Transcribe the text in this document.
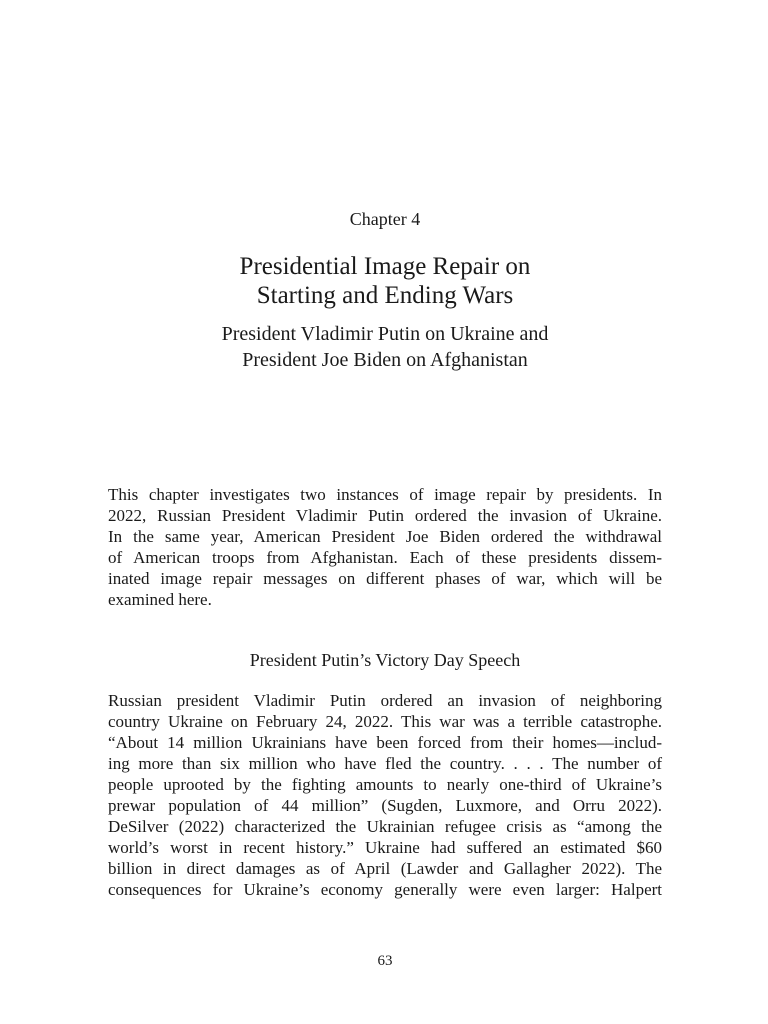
Chapter 4
Presidential Image Repair on
Starting and Ending Wars
President Vladimir Putin on Ukraine and
President Joe Biden on Afghanistan

This chapter investigates two instances of image repair by presidents. In
2022, Russian President Vladimir Putin ordered the invasion of Ukraine.
In the same year, American President Joe Biden ordered the withdrawal
of American troops from Afghanistan. Each of these presidents dissem-
inated image repair messages on different phases of war, which will be
examined here.

President Putin’s Victory Day Speech

Russian president Vladimir Putin ordered an invasion of neighboring
country Ukraine on February 24, 2022. This war was a terrible catastrophe.
“About 14 million Ukrainians have been forced from their homes—includ-
ing more than six million who have fled the country. . . . The number of
people uprooted by the fighting amounts to nearly one-third of Ukraine’s
prewar population of 44 million” (Sugden, Luxmore, and Orru 2022).
DeSilver (2022) characterized the Ukrainian refugee crisis as “among the
world’s worst in recent history.” Ukraine had suffered an estimated $60
billion in direct damages as of April (Lawder and Gallagher 2022). The
consequences for Ukraine’s economy generally were even larger: Halpert

63
